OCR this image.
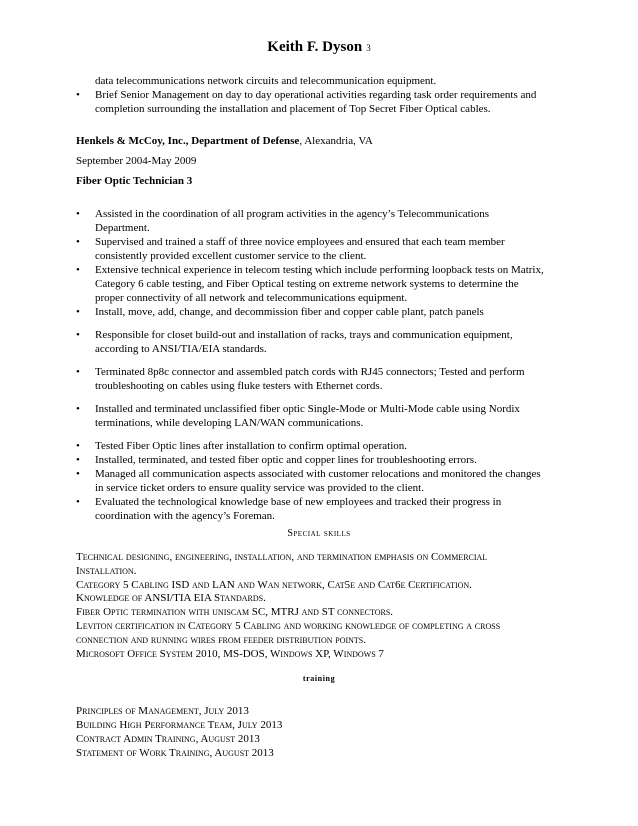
Keith F. Dyson 3
data telecommunications network circuits and telecommunication equipment.
• Brief Senior Management on day to day operational activities regarding task order requirements and
completion surrounding the installation and placement of Top Secret Fiber Optical cables.
Henkels & McCoy, Inc., Department of Defense, Alexandria, VA
September 2004-May 2009
Fiber Optic Technician 3
• Assisted in the coordination of all program activities in the agency’s Telecommunications
Department.
• Supervised and trained a staff of three novice employees and ensured that each team member
consistently provided excellent customer service to the client.
• Extensive technical experience in telecom testing which include performing loopback tests on Matrix,
Category 6 cable testing, and Fiber Optical testing on extreme network systems to determine the
proper connectivity of all network and telecommunications equipment.
• Install, move, add, change, and decommission fiber and copper cable plant, patch panels
• Responsible for closet build-out and installation of racks, trays and communication equipment,
according to ANSI/TIA/EIA standards.
• Terminated 8p8c connector and assembled patch cords with RJ45 connectors; Tested and perform
troubleshooting on cables using fluke testers with Ethernet cords.
• Installed and terminated unclassified fiber optic Single-Mode or Multi-Mode cable using Nordix
terminations, while developing LAN/WAN communications.
• Tested Fiber Optic lines after installation to confirm optimal operation.
• Installed, terminated, and tested fiber optic and copper lines for troubleshooting errors.
• Managed all communication aspects associated with customer relocations and monitored the changes
in service ticket orders to ensure quality service was provided to the client.
• Evaluated the technological knowledge base of new employees and tracked their progress in
coordination with the agency’s Foreman.
Special skills
Technical designing, engineering, installation, and termination emphasis on Commercial
Installation.
Category 5 Cabling ISD and LAN and Wan network, Cat5e and Cat6e Certification.
Knowledge of ANSI/TIA EIA Standards.
Fiber Optic termination with uniscam SC, MTRJ and ST connectors.
Leviton certification in Category 5 Cabling and working knowledge of completing a cross
connection and running wires from feeder distribution points.
Microsoft Office System 2010, MS-DOS, Windows XP, Windows 7
training
Principles of Management, July 2013
Building High Performance Team, July 2013
Contract Admin Training, August 2013
Statement of Work Training, August 2013
